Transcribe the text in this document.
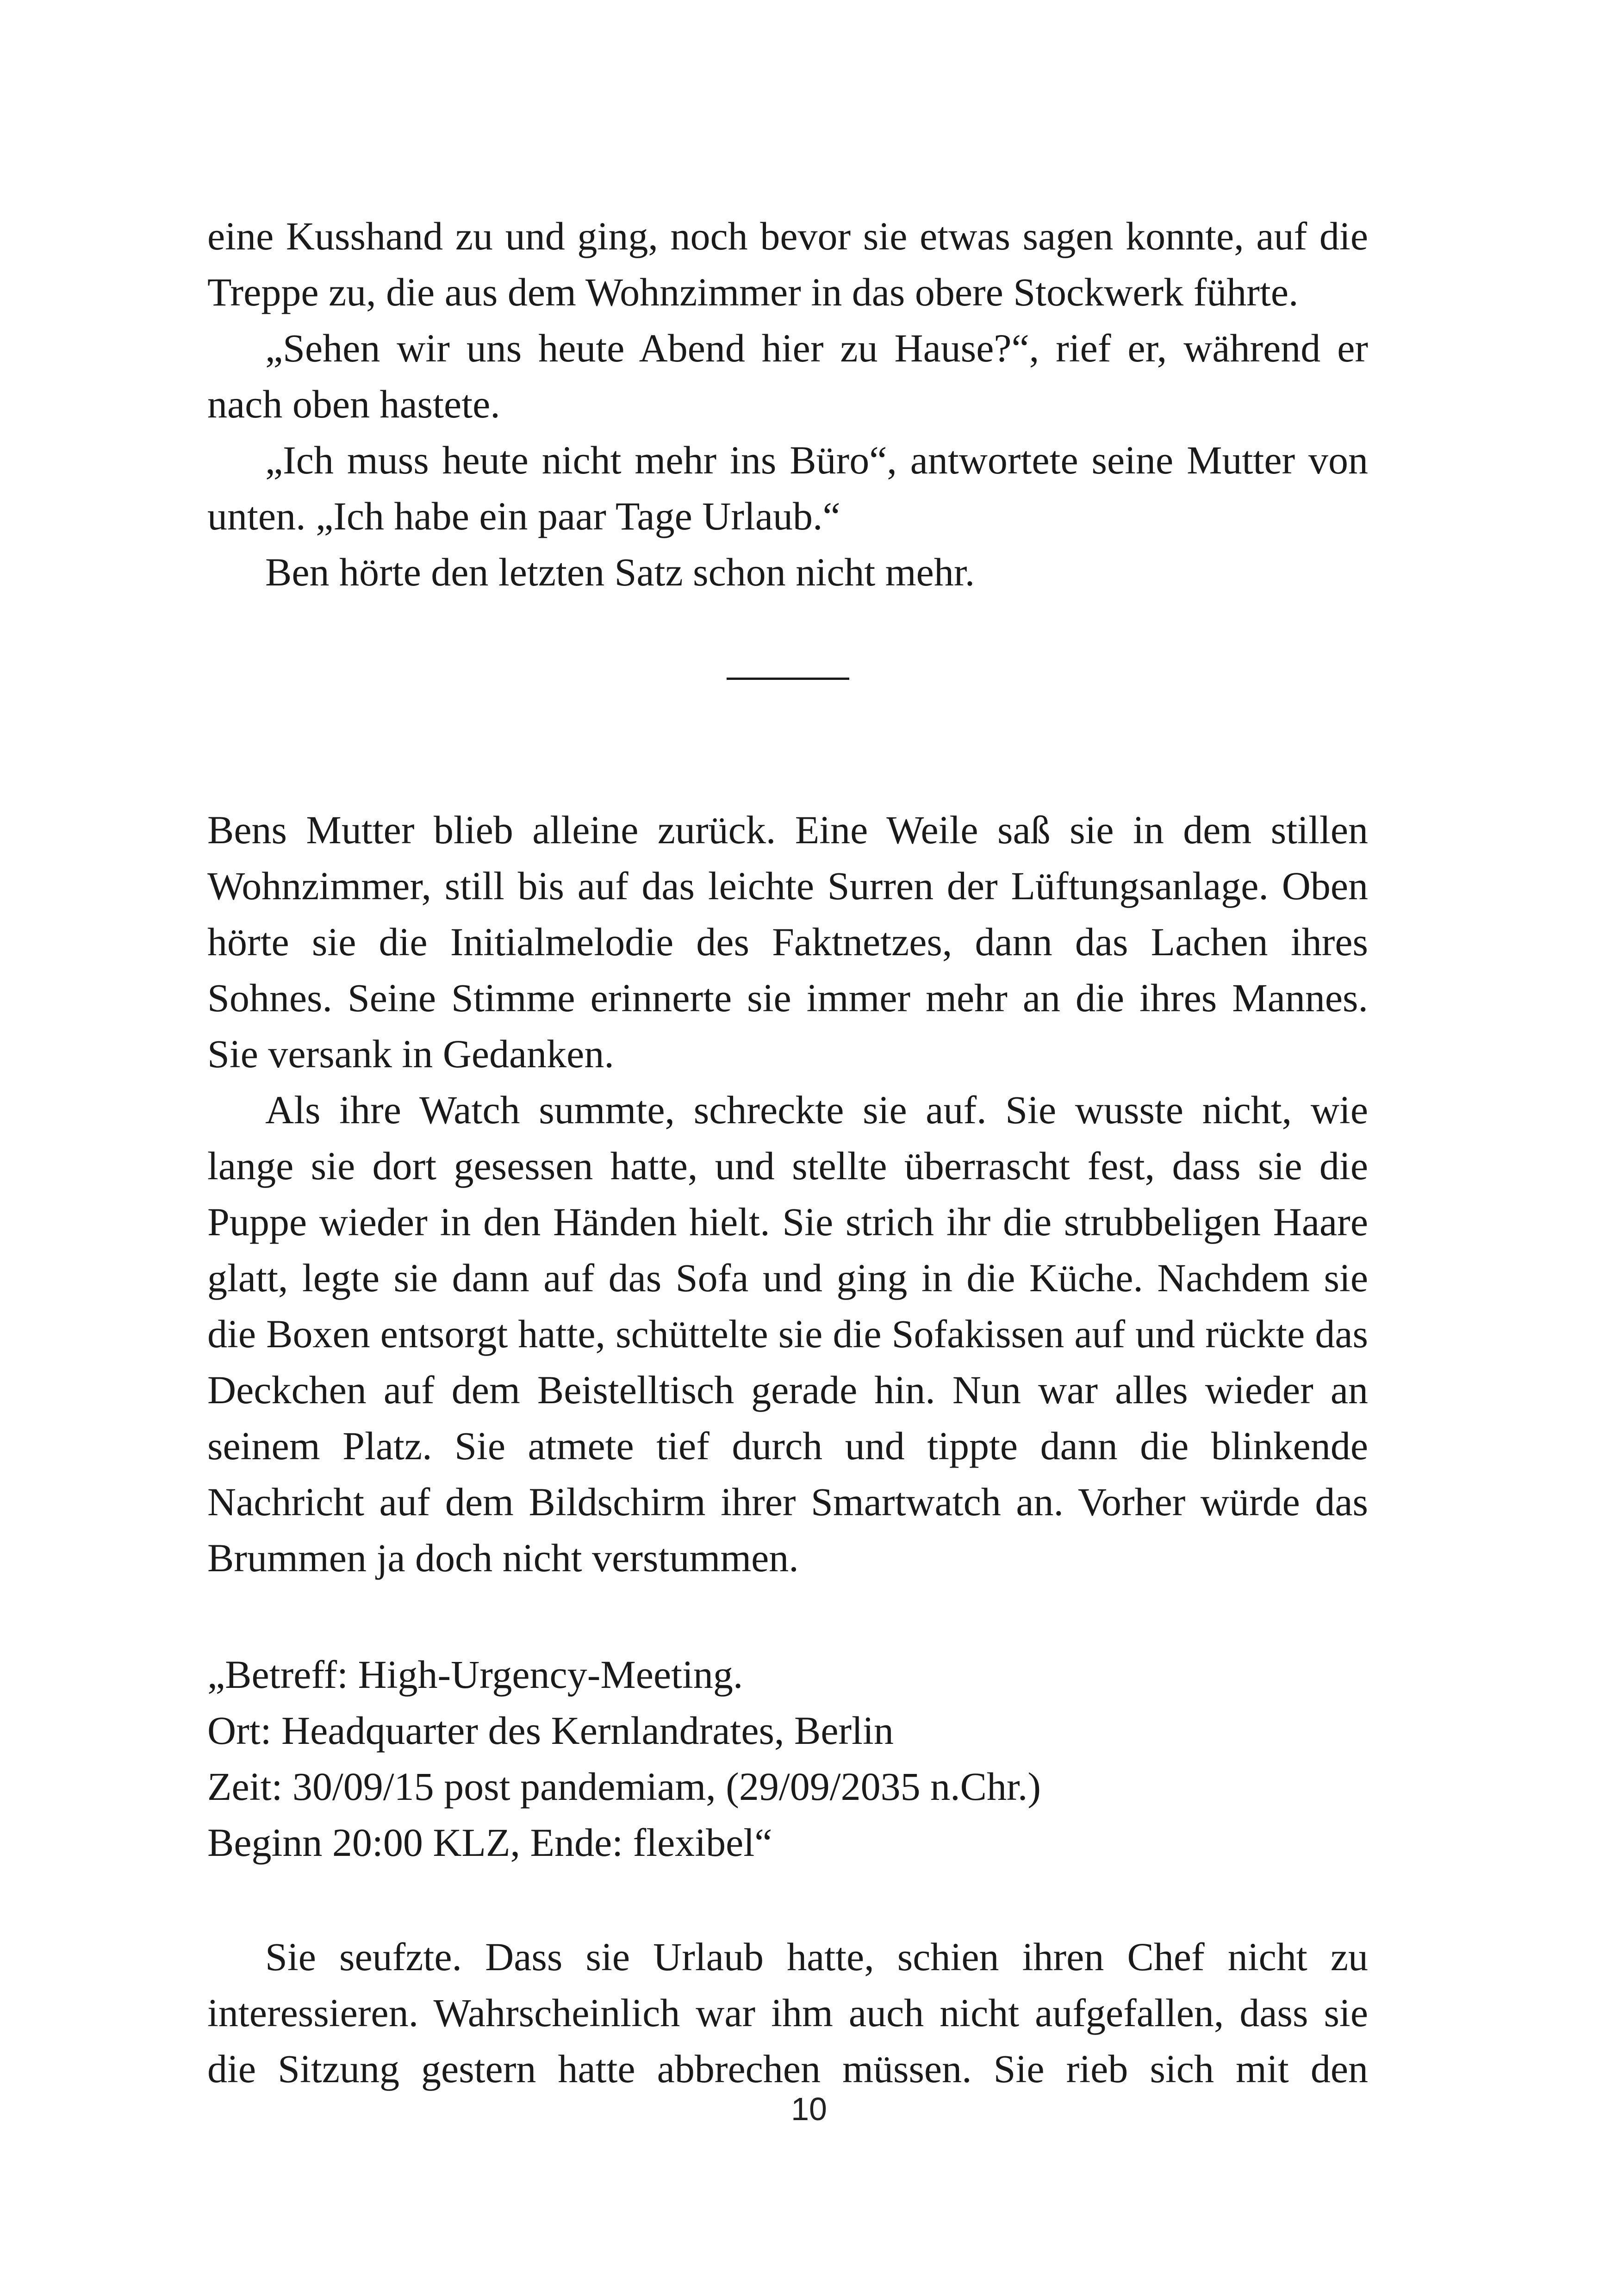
eine Kusshand zu und ging, noch bevor sie etwas sagen konnte, auf die Treppe zu, die aus dem Wohnzimmer in das obere Stockwerk führte.

„Sehen wir uns heute Abend hier zu Hause?“, rief er, während er nach oben hastete.

„Ich muss heute nicht mehr ins Büro“, antwortete seine Mutter von unten. „Ich habe ein paar Tage Urlaub.“

Ben hörte den letzten Satz schon nicht mehr.

Bens Mutter blieb alleine zurück. Eine Weile saß sie in dem stillen Wohnzimmer, still bis auf das leichte Surren der Lüftungsanlage. Oben hörte sie die Initialmelodie des Faktnetzes, dann das Lachen ihres Sohnes. Seine Stimme erinnerte sie immer mehr an die ihres Mannes. Sie versank in Gedanken.

Als ihre Watch summte, schreckte sie auf. Sie wusste nicht, wie lange sie dort gesessen hatte, und stellte überrascht fest, dass sie die Puppe wieder in den Händen hielt. Sie strich ihr die strubbeligen Haare glatt, legte sie dann auf das Sofa und ging in die Küche. Nachdem sie die Boxen entsorgt hatte, schüttelte sie die Sofakissen auf und rückte das Deckchen auf dem Beistelltisch gerade hin. Nun war alles wieder an seinem Platz. Sie atmete tief durch und tippte dann die blinkende Nachricht auf dem Bildschirm ihrer Smartwatch an. Vorher würde das Brummen ja doch nicht verstummen.

„Betreff: High-Urgency-Meeting.

Ort: Headquarter des Kernlandrates, Berlin

Zeit: 30/09/15 post pandemiam, (29/09/2035 n.Chr.)

Beginn 20:00 KLZ, Ende: flexibel“

Sie seufzte. Dass sie Urlaub hatte, schien ihren Chef nicht zu interessieren. Wahrscheinlich war ihm auch nicht aufgefallen, dass sie die Sitzung gestern hatte abbrechen müssen. Sie rieb sich mit den

10
